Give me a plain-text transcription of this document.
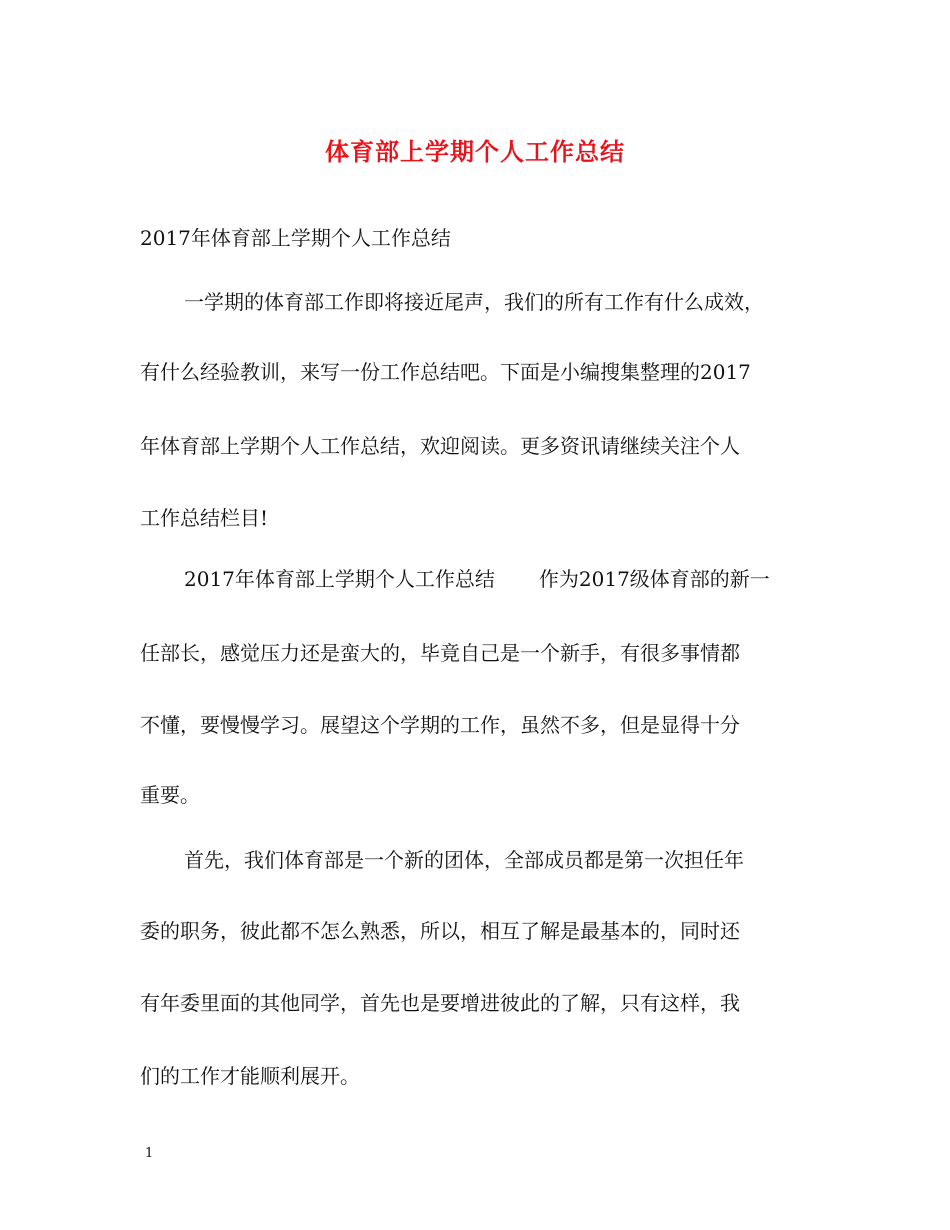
体育部上学期个人工作总结
2017年体育部上学期个人工作总结
一学期的体育部工作即将接近尾声，我们的所有工作有什么成效，
有什么经验教训，来写一份工作总结吧。下面是小编搜集整理的2017
年体育部上学期个人工作总结，欢迎阅读。更多资讯请继续关注个人
工作总结栏目!
2017年体育部上学期个人工作总结 作为2017级体育部的新一
任部长，感觉压力还是蛮大的，毕竟自己是一个新手，有很多事情都
不懂，要慢慢学习。展望这个学期的工作，虽然不多，但是显得十分
重要。
首先，我们体育部是一个新的团体，全部成员都是第一次担任年
委的职务，彼此都不怎么熟悉，所以，相互了解是最基本的，同时还
有年委里面的其他同学，首先也是要增进彼此的了解，只有这样，我
们的工作才能顺利展开。
1
